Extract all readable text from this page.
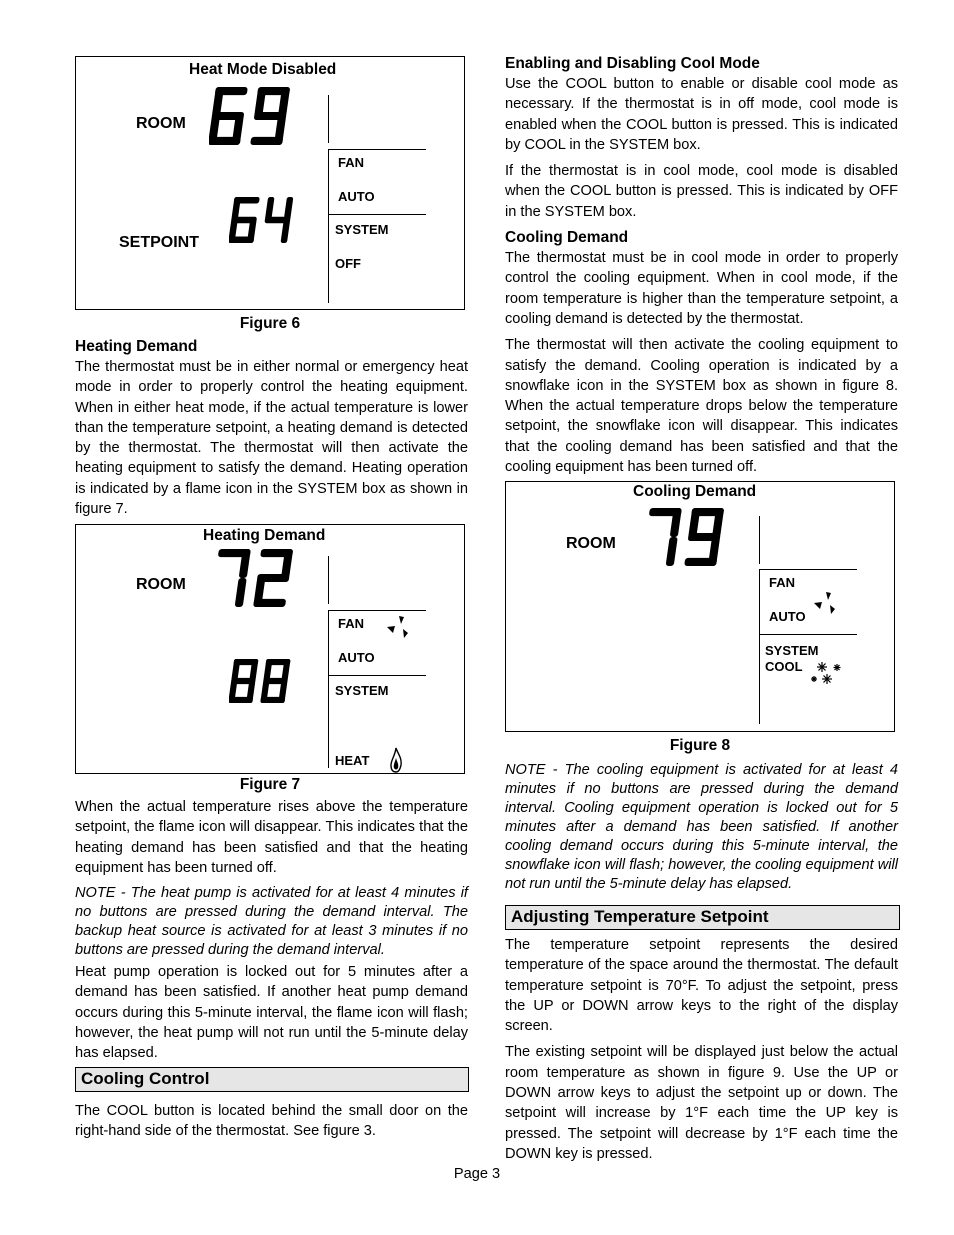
Heat Mode Disabled
ROOM
SETPOINT
FAN
AUTO
SYSTEM
OFF
Figure 6
Heating Demand

The thermostat must be in either normal or emergency heat mode in order to properly control the heating equipment. When in either heat mode, if the actual temperature is lower than the temperature setpoint, a heating demand is detected by the thermostat. The thermostat will then activate the heating equipment to satisfy the demand. Heating operation is indicated by a flame icon in the SYSTEM box as shown in figure 7.

Heating Demand
ROOM
FAN
AUTO
SYSTEM
HEAT
Figure 7

When the actual temperature rises above the temperature setpoint, the flame icon will disappear. This indicates that the heating demand has been satisfied and that the heating equipment has been turned off.

NOTE - The heat pump is activated for at least 4 minutes if no buttons are pressed during the demand interval. The backup heat source is activated for at least 3 minutes if no buttons are pressed during the demand interval.

Heat pump operation is locked out for 5 minutes after a demand has been satisfied. If another heat pump demand occurs during this 5-minute interval, the flame icon will flash; however, the heat pump will not run until the 5-minute delay has elapsed.

Cooling Control

The COOL button is located behind the small door on the right-hand side of the thermostat. See figure 3.

Enabling and Disabling Cool Mode

Use the COOL button to enable or disable cool mode as necessary. If the thermostat is in off mode, cool mode is enabled when the COOL button is pressed. This is indicated by COOL in the SYSTEM box.

If the thermostat is in cool mode, cool mode is disabled when the COOL button is pressed. This is indicated by OFF in the SYSTEM box.

Cooling Demand

The thermostat must be in cool mode in order to properly control the cooling equipment. When in cool mode, if the room temperature is higher than the temperature setpoint, a cooling demand is detected by the thermostat.

The thermostat will then activate the cooling equipment to satisfy the demand. Cooling operation is indicated by a snowflake icon in the SYSTEM box as shown in figure 8. When the actual temperature drops below the temperature setpoint, the snowflake icon will disappear. This indicates that the cooling demand has been satisfied and that the cooling equipment has been turned off.

Cooling Demand
ROOM
FAN
AUTO
SYSTEM
COOL
Figure 8

NOTE - The cooling equipment is activated for at least 4 minutes if no buttons are pressed during the demand interval. Cooling equipment operation is locked out for 5 minutes after a demand has been satisfied. If another cooling demand occurs during this 5-minute interval, the snowflake icon will flash; however, the cooling equipment will not run until the 5-minute delay has elapsed.

Adjusting Temperature Setpoint

The temperature setpoint represents the desired temperature of the space around the thermostat. The default temperature setpoint is 70°F. To adjust the setpoint, press the UP or DOWN arrow keys to the right of the display screen.

The existing setpoint will be displayed just below the actual room temperature as shown in figure 9. Use the UP or DOWN arrow keys to adjust the setpoint up or down. The setpoint will increase by 1°F each time the UP key is pressed. The setpoint will decrease by 1°F each time the DOWN key is pressed.

Page 3
